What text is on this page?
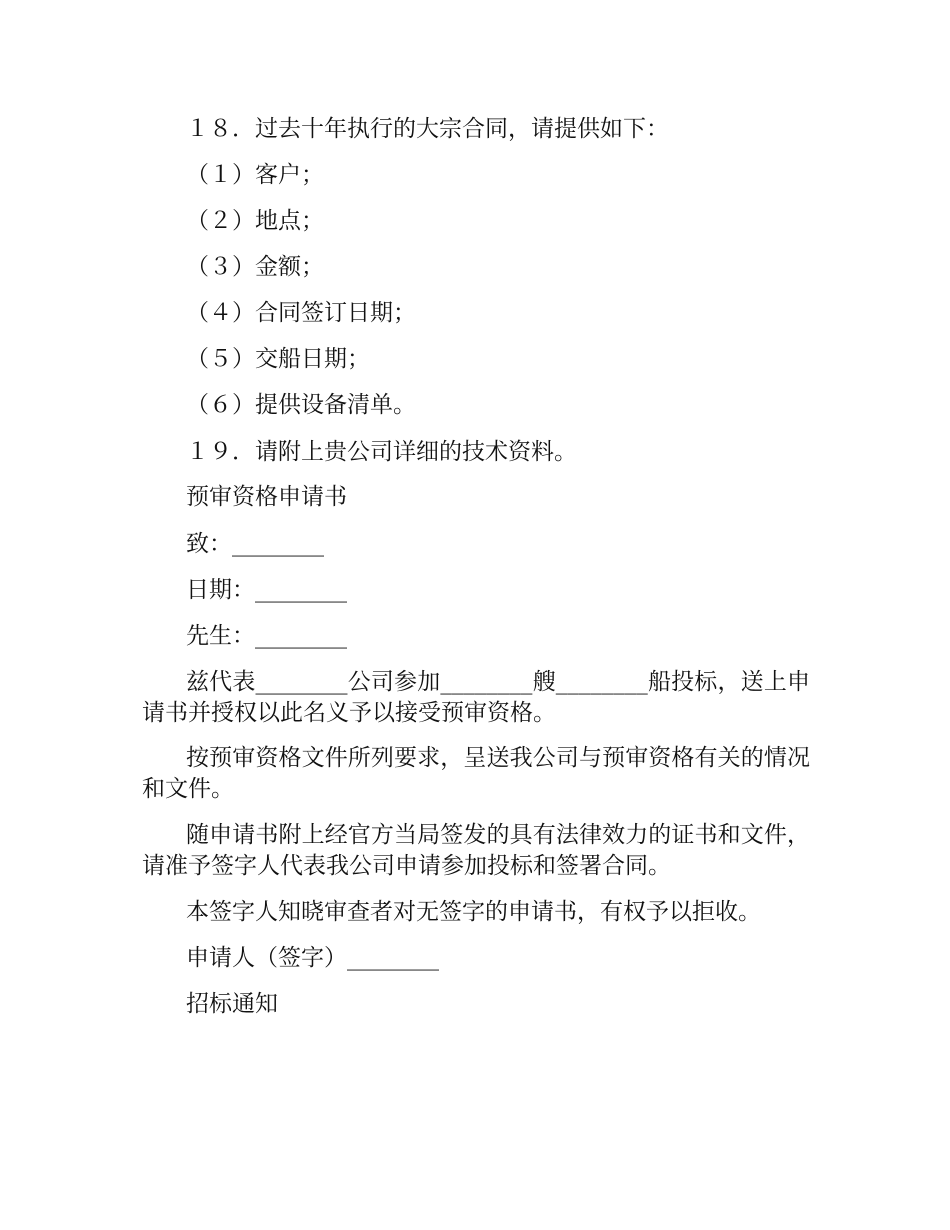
１８．过去十年执行的大宗合同，请提供如下：
（１）客户；
（２）地点；
（３）金额；
（４）合同签订日期；
（５）交船日期；
（６）提供设备清单。
１９．请附上贵公司详细的技术资料。
预审资格申请书
致：________
日期：________
先生：________
兹代表________公司参加________艘________船投标，送上申请书并授权以此名义予以接受预审资格。
按预审资格文件所列要求，呈送我公司与预审资格有关的情况和文件。
随申请书附上经官方当局签发的具有法律效力的证书和文件，请准予签字人代表我公司申请参加投标和签署合同。
本签字人知晓审查者对无签字的申请书，有权予以拒收。
申请人（签字）________
招标通知
